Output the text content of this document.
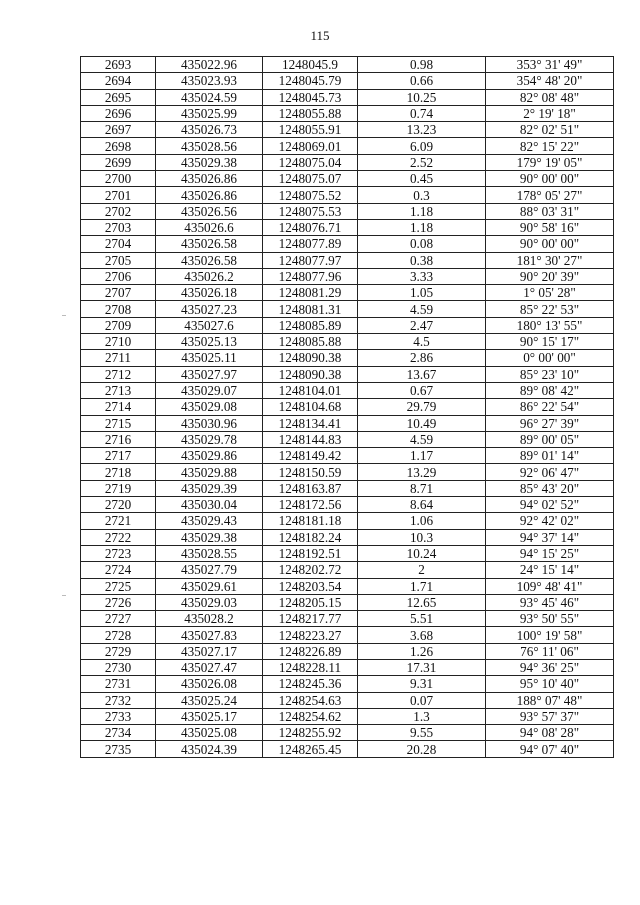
115
2693	435022.96	1248045.9	0.98	353° 31' 49"
2694	435023.93	1248045.79	0.66	354° 48' 20"
2695	435024.59	1248045.73	10.25	82° 08' 48"
2696	435025.99	1248055.88	0.74	2° 19' 18"
2697	435026.73	1248055.91	13.23	82° 02' 51"
2698	435028.56	1248069.01	6.09	82° 15' 22"
2699	435029.38	1248075.04	2.52	179° 19' 05"
2700	435026.86	1248075.07	0.45	90° 00' 00"
2701	435026.86	1248075.52	0.3	178° 05' 27"
2702	435026.56	1248075.53	1.18	88° 03' 31"
2703	435026.6	1248076.71	1.18	90° 58' 16"
2704	435026.58	1248077.89	0.08	90° 00' 00"
2705	435026.58	1248077.97	0.38	181° 30' 27"
2706	435026.2	1248077.96	3.33	90° 20' 39"
2707	435026.18	1248081.29	1.05	1° 05' 28"
2708	435027.23	1248081.31	4.59	85° 22' 53"
2709	435027.6	1248085.89	2.47	180° 13' 55"
2710	435025.13	1248085.88	4.5	90° 15' 17"
2711	435025.11	1248090.38	2.86	0° 00' 00"
2712	435027.97	1248090.38	13.67	85° 23' 10"
2713	435029.07	1248104.01	0.67	89° 08' 42"
2714	435029.08	1248104.68	29.79	86° 22' 54"
2715	435030.96	1248134.41	10.49	96° 27' 39"
2716	435029.78	1248144.83	4.59	89° 00' 05"
2717	435029.86	1248149.42	1.17	89° 01' 14"
2718	435029.88	1248150.59	13.29	92° 06' 47"
2719	435029.39	1248163.87	8.71	85° 43' 20"
2720	435030.04	1248172.56	8.64	94° 02' 52"
2721	435029.43	1248181.18	1.06	92° 42' 02"
2722	435029.38	1248182.24	10.3	94° 37' 14"
2723	435028.55	1248192.51	10.24	94° 15' 25"
2724	435027.79	1248202.72	2	24° 15' 14"
2725	435029.61	1248203.54	1.71	109° 48' 41"
2726	435029.03	1248205.15	12.65	93° 45' 46"
2727	435028.2	1248217.77	5.51	93° 50' 55"
2728	435027.83	1248223.27	3.68	100° 19' 58"
2729	435027.17	1248226.89	1.26	76° 11' 06"
2730	435027.47	1248228.11	17.31	94° 36' 25"
2731	435026.08	1248245.36	9.31	95° 10' 40"
2732	435025.24	1248254.63	0.07	188° 07' 48"
2733	435025.17	1248254.62	1.3	93° 57' 37"
2734	435025.08	1248255.92	9.55	94° 08' 28"
2735	435024.39	1248265.45	20.28	94° 07' 40"
